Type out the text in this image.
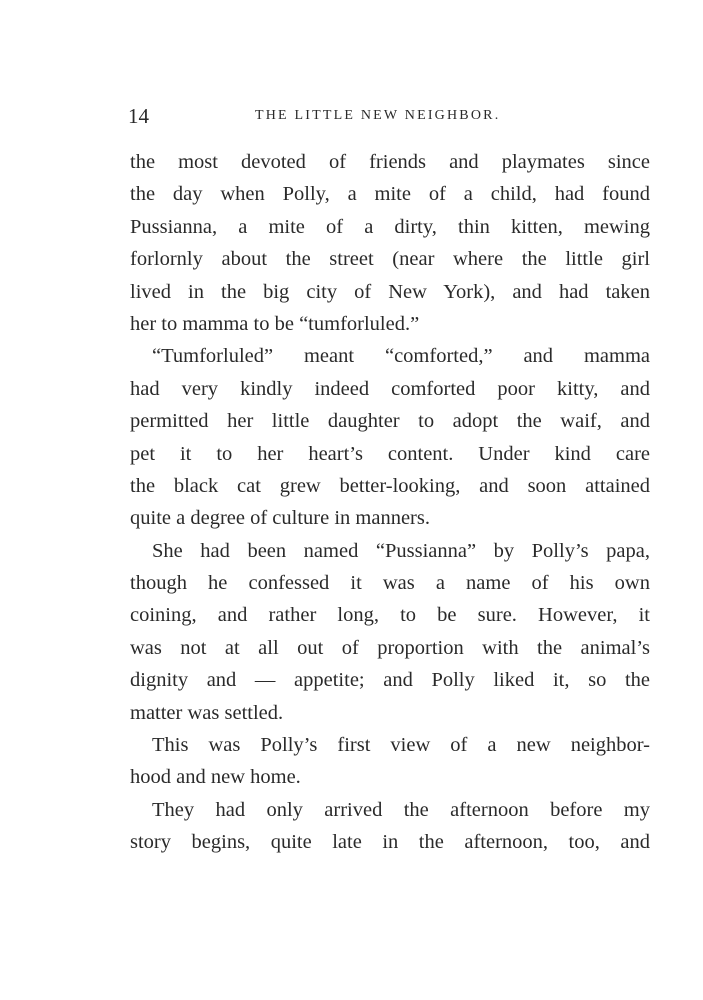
14	THE LITTLE NEW NEIGHBOR.
the most devoted of friends and playmates since
the day when Polly, a mite of a child, had found
Pussianna, a mite of a dirty, thin kitten, mewing
forlornly about the street (near where the little girl
lived in the big city of New York), and had taken
her to mamma to be “tumforluled.”
“Tumforluled” meant “comforted,” and mamma
had very kindly indeed comforted poor kitty, and
permitted her little daughter to adopt the waif, and
pet it to her heart’s content. Under kind care
the black cat grew better-looking, and soon attained
quite a degree of culture in manners.
She had been named “Pussianna” by Polly’s papa,
though he confessed it was a name of his own
coining, and rather long, to be sure. However, it
was not at all out of proportion with the animal’s
dignity and — appetite; and Polly liked it, so the
matter was settled.
This was Polly’s first view of a new neighbor-
hood and new home.
They had only arrived the afternoon before my
story begins, quite late in the afternoon, too, and
